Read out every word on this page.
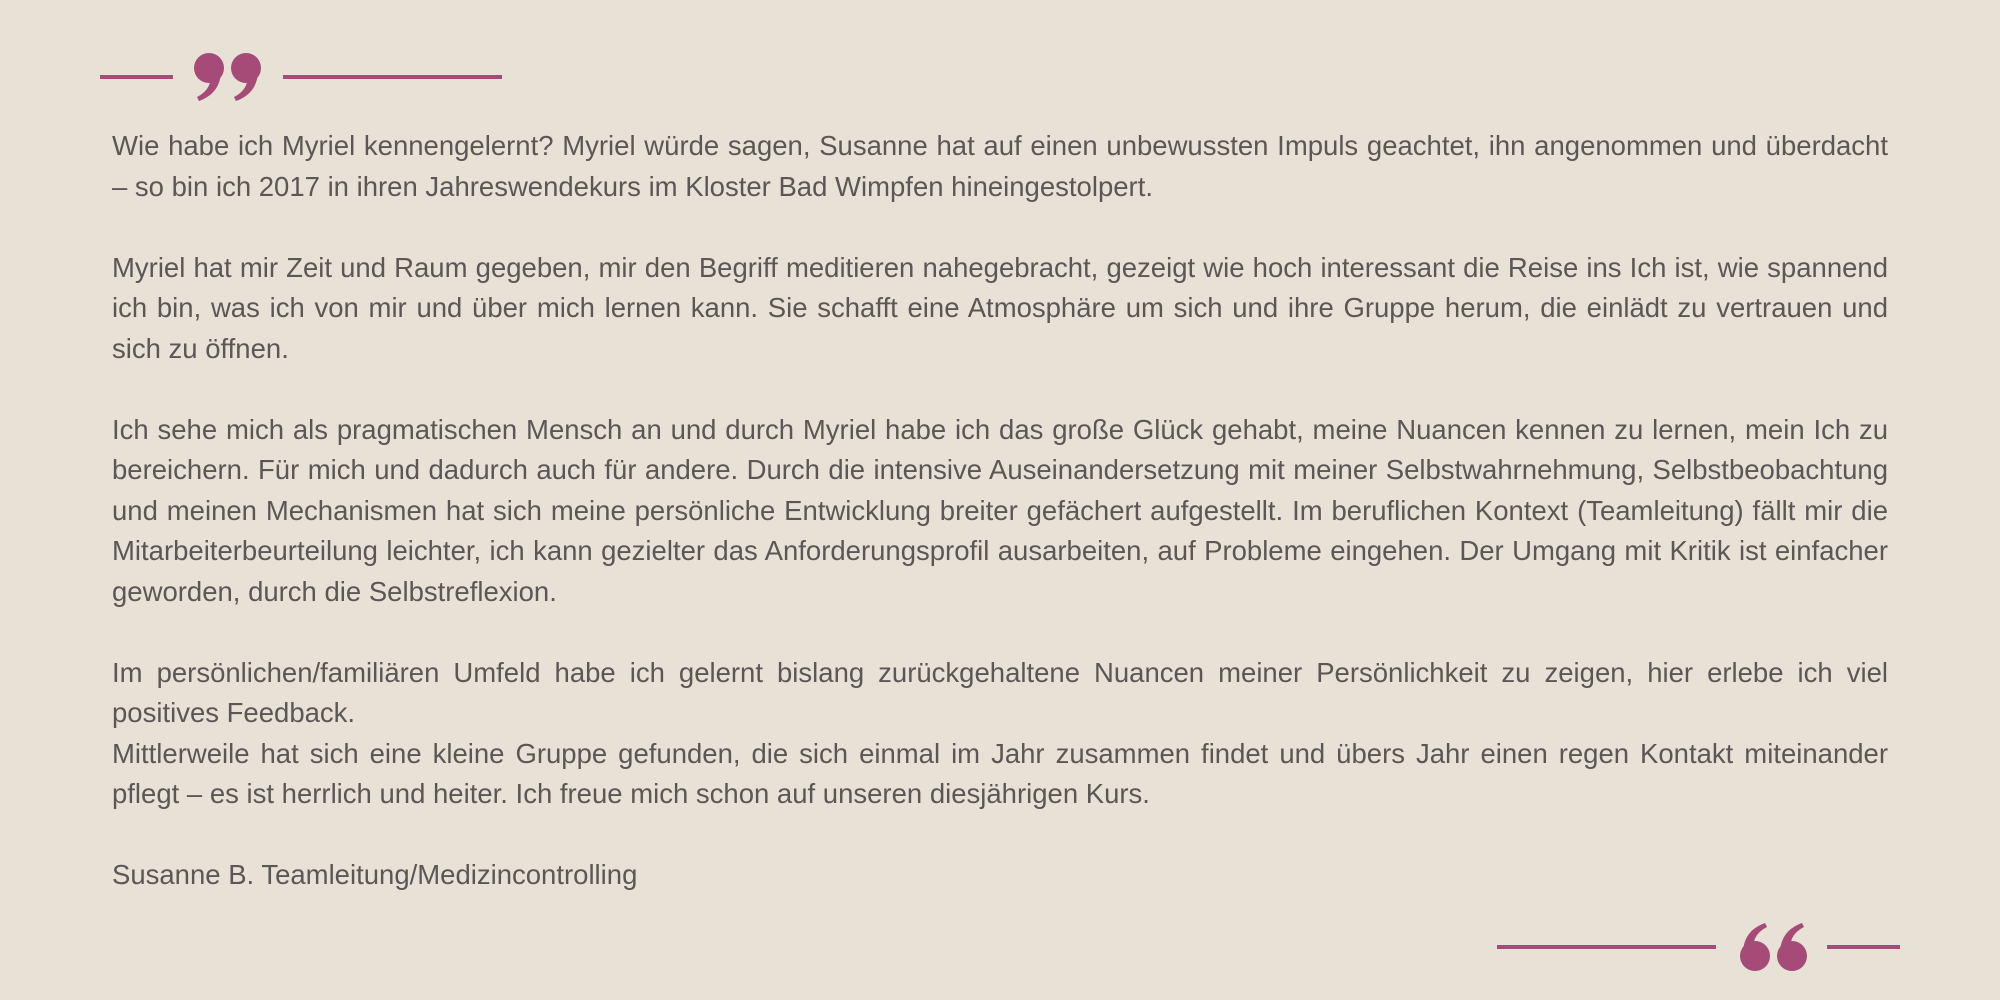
Wie habe ich Myriel kennengelernt? Myriel würde sagen, Susanne hat auf einen unbewussten Impuls geachtet, ihn angenommen und überdacht – so bin ich 2017 in ihren Jahreswendekurs im Kloster Bad Wimpfen hineingestolpert.

Myriel hat mir Zeit und Raum gegeben, mir den Begriff meditieren nahegebracht, gezeigt wie hoch interessant die Reise ins Ich ist, wie spannend ich bin, was ich von mir und über mich lernen kann. Sie schafft eine Atmosphäre um sich und ihre Gruppe herum, die einlädt zu vertrauen und sich zu öffnen.

Ich sehe mich als pragmatischen Mensch an und durch Myriel habe ich das große Glück gehabt, meine Nuancen kennen zu lernen, mein Ich zu bereichern. Für mich und dadurch auch für andere. Durch die intensive Auseinandersetzung mit meiner Selbstwahrnehmung, Selbstbeobachtung und meinen Mechanismen hat sich meine persönliche Entwicklung breiter gefächert aufgestellt. Im beruflichen Kontext (Teamleitung) fällt mir die Mitarbeiterbeurteilung leichter, ich kann gezielter das Anforderungsprofil ausarbeiten, auf Probleme eingehen. Der Umgang mit Kritik ist einfacher geworden, durch die Selbstreflexion.

Im persönlichen/familiären Umfeld habe ich gelernt bislang zurückgehaltene Nuancen meiner Persönlichkeit zu zeigen, hier erlebe ich viel positives Feedback.

Mittlerweile hat sich eine kleine Gruppe gefunden, die sich einmal im Jahr zusammen findet und übers Jahr einen regen Kontakt miteinander pflegt – es ist herrlich und heiter. Ich freue mich schon auf unseren diesjährigen Kurs.

Susanne B. Teamleitung/Medizincontrolling
